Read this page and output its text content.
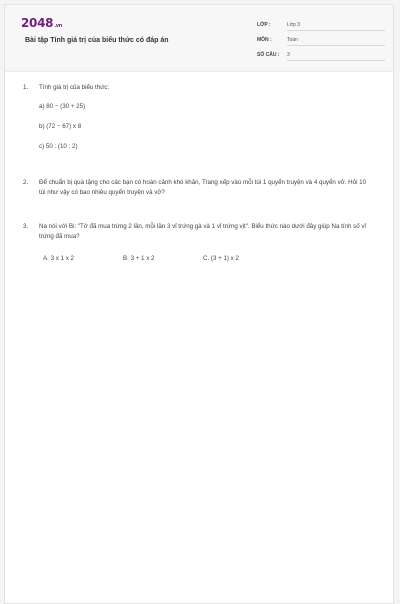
2048.vn
Bài tập Tính giá trị của biểu thức có đáp án
LỚP :	Lớp 3
MÔN :	Toán
SỐ CÂU : 3
1. Tính giá trị của biểu thức:
a) 80 − (30 + 25)
b) (72 − 67) x 8
c) 50 : (10 : 2)
2. Để chuẩn bị quà tặng cho các bạn có hoàn cảnh khó khăn, Trang xếp vào mỗi túi 1 quyển truyện và 4 quyển vở. Hỏi 10 túi như vậy có bao nhiêu quyển truyện và vở?
3. Na nói với Bi: "Tớ đã mua trứng 2 lần, mỗi lần 3 vỉ trứng gà và 1 vỉ trứng vịt". Biểu thức nào dưới đây giúp Na tính số vỉ trứng đã mua?
A. 3 x 1 x 2	B. 3 + 1 x 2	C. (3 + 1) x 2
